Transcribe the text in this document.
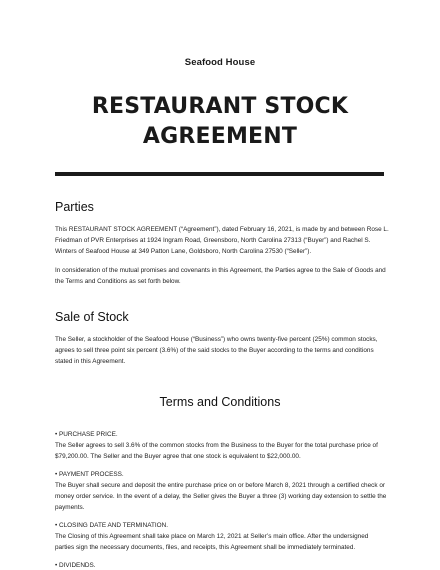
Seafood House
RESTAURANT STOCK
AGREEMENT
Parties

This RESTAURANT STOCK AGREEMENT (“Agreement”), dated February 16, 2021, is made by and between Rose L. Friedman of PVR Enterprises at 1924 Ingram Road, Greensboro, North Carolina 27313 (“Buyer”) and Rachel S. Winters of Seafood House at 349 Patton Lane, Goldsboro, North Carolina 27530 (“Seller”).

In consideration of the mutual promises and covenants in this Agreement, the Parties agree to the Sale of Goods and the Terms and Conditions as set forth below.

Sale of Stock

The Seller, a stockholder of the Seafood House (“Business”) who owns twenty-five percent (25%) common stocks, agrees to sell three point six percent (3.6%) of the said stocks to the Buyer according to the terms and conditions stated in this Agreement.

Terms and Conditions

• PURCHASE PRICE.

The Seller agrees to sell 3.6% of the common stocks from the Business to the Buyer for the total purchase price of $79,200.00. The Seller and the Buyer agree that one stock is equivalent to $22,000.00.

• PAYMENT PROCESS.

The Buyer shall secure and deposit the entire purchase price on or before March 8, 2021 through a certified check or money order service. In the event of a delay, the Seller gives the Buyer a three (3) working day extension to settle the payments.

• CLOSING DATE AND TERMINATION.

The Closing of this Agreement shall take place on March 12, 2021 at Seller’s main office. After the undersigned parties sign the necessary documents, files, and receipts, this Agreement shall be immediately terminated.

• DIVIDENDS.
